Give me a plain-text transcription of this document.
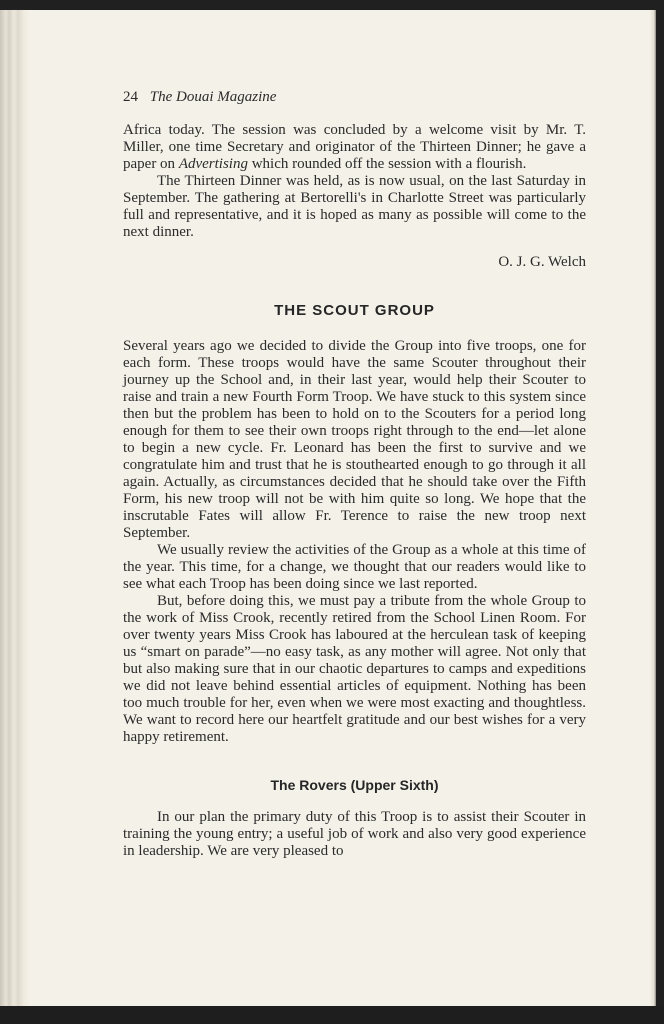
24 The Douai Magazine

Africa today. The session was concluded by a welcome visit by Mr. T. Miller, one time Secretary and originator of the Thirteen Dinner; he gave a paper on Advertising which rounded off the session with a flourish.

The Thirteen Dinner was held, as is now usual, on the last Saturday in September. The gathering at Bertorelli's in Charlotte Street was particularly full and representative, and it is hoped as many as possible will come to the next dinner.

O. J. G. Welch
THE SCOUT GROUP

Several years ago we decided to divide the Group into five troops, one for each form. These troops would have the same Scouter throughout their journey up the School and, in their last year, would help their Scouter to raise and train a new Fourth Form Troop. We have stuck to this system since then but the problem has been to hold on to the Scouters for a period long enough for them to see their own troops right through to the end—let alone to begin a new cycle. Fr. Leonard has been the first to survive and we congratulate him and trust that he is stouthearted enough to go through it all again. Actually, as circumstances decided that he should take over the Fifth Form, his new troop will not be with him quite so long. We hope that the inscrutable Fates will allow Fr. Terence to raise the new troop next September.

We usually review the activities of the Group as a whole at this time of the year. This time, for a change, we thought that our readers would like to see what each Troop has been doing since we last reported.

But, before doing this, we must pay a tribute from the whole Group to the work of Miss Crook, recently retired from the School Linen Room. For over twenty years Miss Crook has laboured at the herculean task of keeping us “smart on parade”—no easy task, as any mother will agree. Not only that but also making sure that in our chaotic departures to camps and expeditions we did not leave behind essential articles of equipment. Nothing has been too much trouble for her, even when we were most exacting and thoughtless. We want to record here our heartfelt gratitude and our best wishes for a very happy retirement.

The Rovers (Upper Sixth)

In our plan the primary duty of this Troop is to assist their Scouter in training the young entry; a useful job of work and also very good experience in leadership. We are very pleased to
